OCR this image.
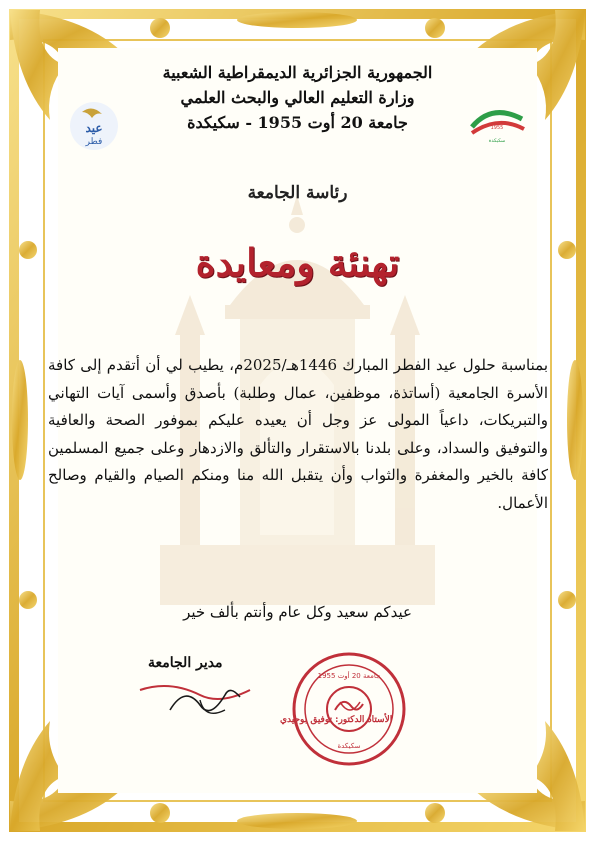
عيد
فطر
1955
سكيكدة
الجمهورية الجزائرية الديمقراطية الشعبية
وزارة التعليم العالي والبحث العلمي
جامعة 20 أوت 1955 - سكيكدة
رئاسة الجامعة
تهنئة ومعايدة
بمناسبة حلول عيد الفطر المبارك 1446هـ/2025م، يطيب لي أن أتقدم إلى كافة الأسرة الجامعية (أساتذة، موظفين، عمال وطلبة) بأصدق وأسمى آيات التهاني والتبريكات، داعياً المولى عز وجل أن يعيده عليكم بموفور الصحة والعافية والتوفيق والسداد، وعلى بلدنا بالاستقرار والتألق والازدهار وعلى جميع المسلمين كافة بالخير والمغفرة والثواب وأن يتقبل الله منا ومنكم الصيام والقيام وصالح الأعمال.
عيدكم سعيد وكل عام وأنتم بألف خير
مدير الجامعة
الأستاذ الدكتور: توفيق بوجيدي
جامعة 20 أوت 1955
سكيكدة
